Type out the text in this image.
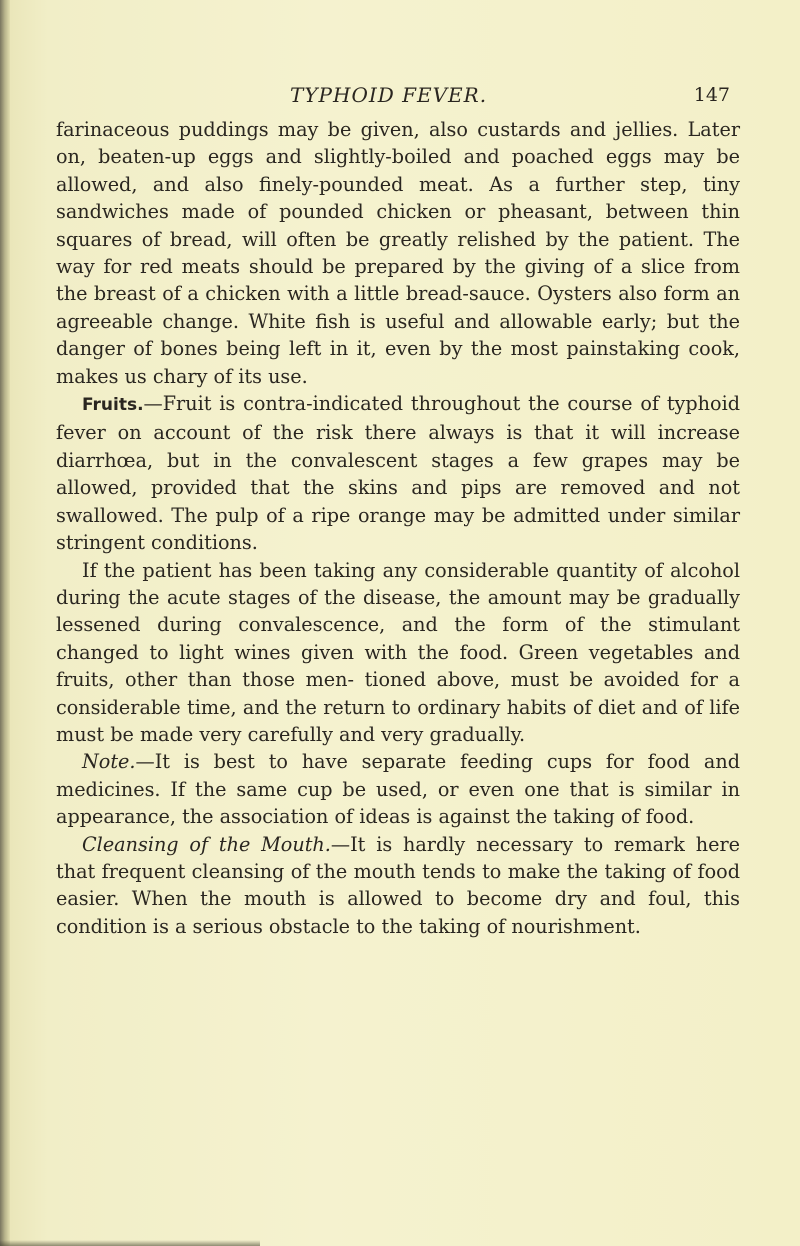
TYPHOID FEVER.	147

farinaceous puddings may be given, also custards and jellies. Later on, beaten-up eggs and slightly-boiled and poached eggs may be allowed, and also finely-pounded meat. As a further step, tiny sandwiches made of pounded chicken or pheasant, between thin squares of bread, will often be greatly relished by the patient. The way for red meats should be prepared by the giving of a slice from the breast of a chicken with a little bread-sauce. Oysters also form an agreeable change. White fish is useful and allowable early; but the danger of bones being left in it, even by the most painstaking cook, makes us chary of its use.

Fruits.—Fruit is contra-indicated throughout the course of typhoid fever on account of the risk there always is that it will increase diarrhœa, but in the convalescent stages a few grapes may be allowed, provided that the skins and pips are removed and not swallowed. The pulp of a ripe orange may be admitted under similar stringent conditions.

If the patient has been taking any considerable quantity of alcohol during the acute stages of the disease, the amount may be gradually lessened during convalescence, and the form of the stimulant changed to light wines given with the food. Green vegetables and fruits, other than those men- tioned above, must be avoided for a considerable time, and the return to ordinary habits of diet and of life must be made very carefully and very gradually.

Note.—It is best to have separate feeding cups for food and medicines. If the same cup be used, or even one that is similar in appearance, the association of ideas is against the taking of food.

Cleansing of the Mouth.—It is hardly necessary to remark here that frequent cleansing of the mouth tends to make the taking of food easier. When the mouth is allowed to become dry and foul, this condition is a serious obstacle to the taking of nourishment.
